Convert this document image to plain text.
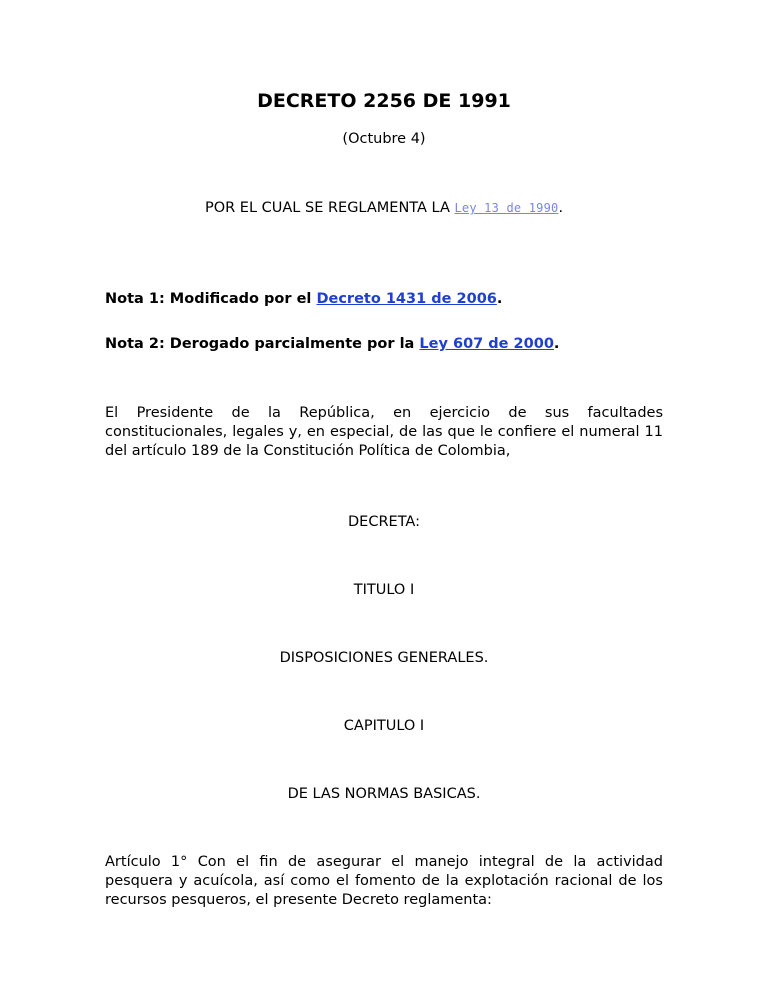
DECRETO 2256 DE 1991

(Octubre 4)

POR EL CUAL SE REGLAMENTA LA Ley 13 de 1990.

Nota 1: Modificado por el Decreto 1431 de 2006.

Nota 2: Derogado parcialmente por la Ley 607 de 2000.

El Presidente de la República, en ejercicio de sus facultades constitucionales, legales y, en especial, de las que le confiere el numeral 11 del artículo 189 de la Constitución Política de Colombia,

DECRETA:

TITULO I

DISPOSICIONES GENERALES.

CAPITULO I

DE LAS NORMAS BASICAS.

Artículo 1° Con el fin de asegurar el manejo integral de la actividad pesquera y acuícola, así como el fomento de la explotación racional de los recursos pesqueros, el presente Decreto reglamenta:
